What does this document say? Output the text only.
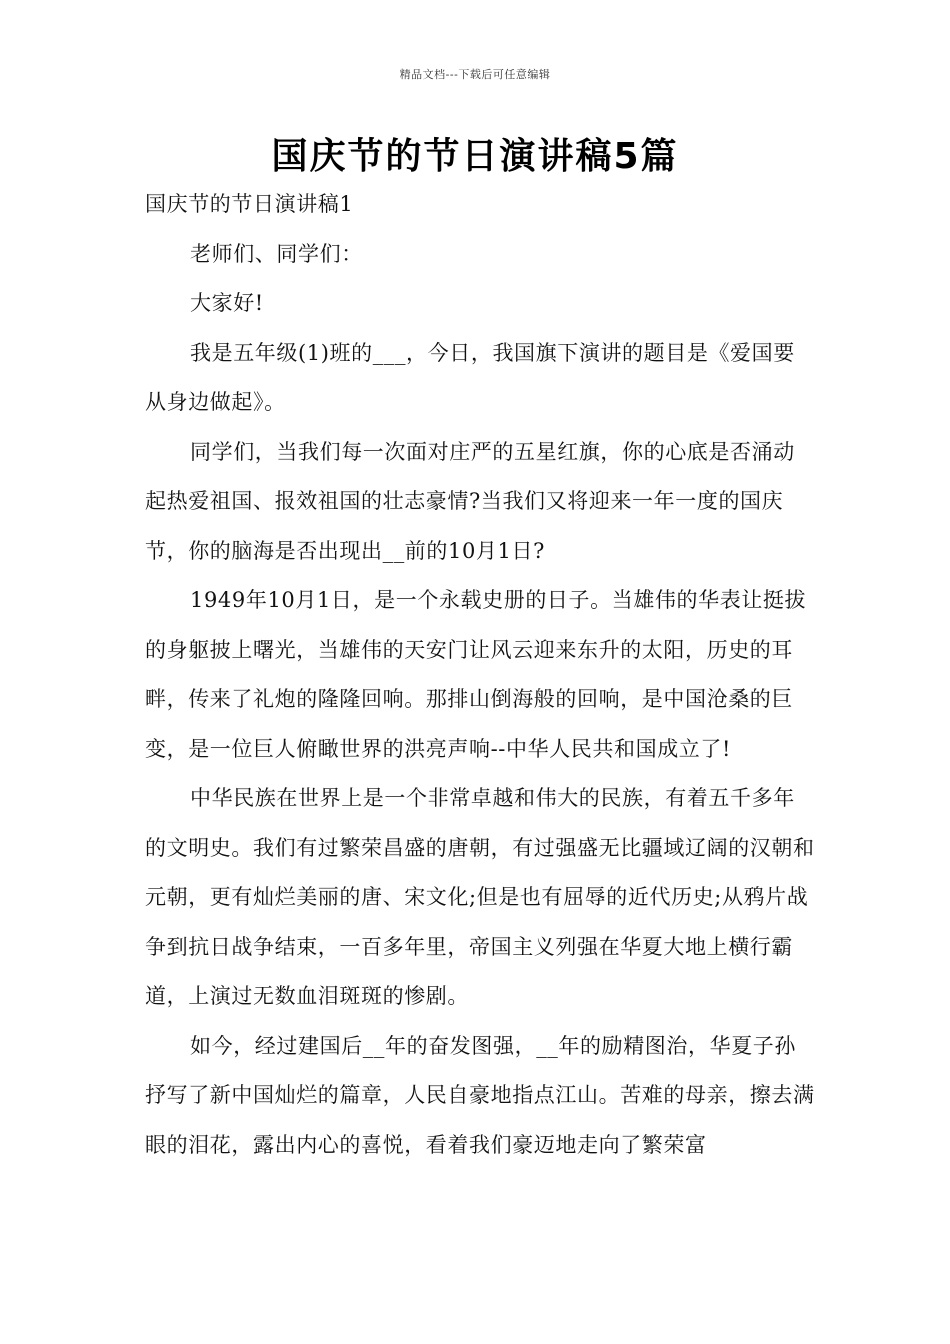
精品文档---下载后可任意编辑
国庆节的节日演讲稿5篇

国庆节的节日演讲稿1

老师们、同学们：

大家好!

我是五年级(1)班的___，今日，我国旗下演讲的题目是《爱国要从身边做起》。

同学们，当我们每一次面对庄严的五星红旗，你的心底是否涌动起热爱祖国、报效祖国的壮志豪情?当我们又将迎来一年一度的国庆节，你的脑海是否出现出__前的10月1日?

1949年10月1日，是一个永载史册的日子。当雄伟的华表让挺拔的身躯披上曙光，当雄伟的天安门让风云迎来东升的太阳，历史的耳畔，传来了礼炮的隆隆回响。那排山倒海般的回响，是中国沧桑的巨变，是一位巨人俯瞰世界的洪亮声响--中华人民共和国成立了!

中华民族在世界上是一个非常卓越和伟大的民族，有着五千多年的文明史。我们有过繁荣昌盛的唐朝，有过强盛无比疆域辽阔的汉朝和元朝，更有灿烂美丽的唐、宋文化;但是也有屈辱的近代历史;从鸦片战争到抗日战争结束，一百多年里，帝国主义列强在华夏大地上横行霸道，上演过无数血泪斑斑的惨剧。

如今，经过建国后__年的奋发图强，__年的励精图治，华夏子孙抒写了新中国灿烂的篇章，人民自豪地指点江山。苦难的母亲，擦去满眼的泪花，露出内心的喜悦，看着我们豪迈地走向了繁荣富
